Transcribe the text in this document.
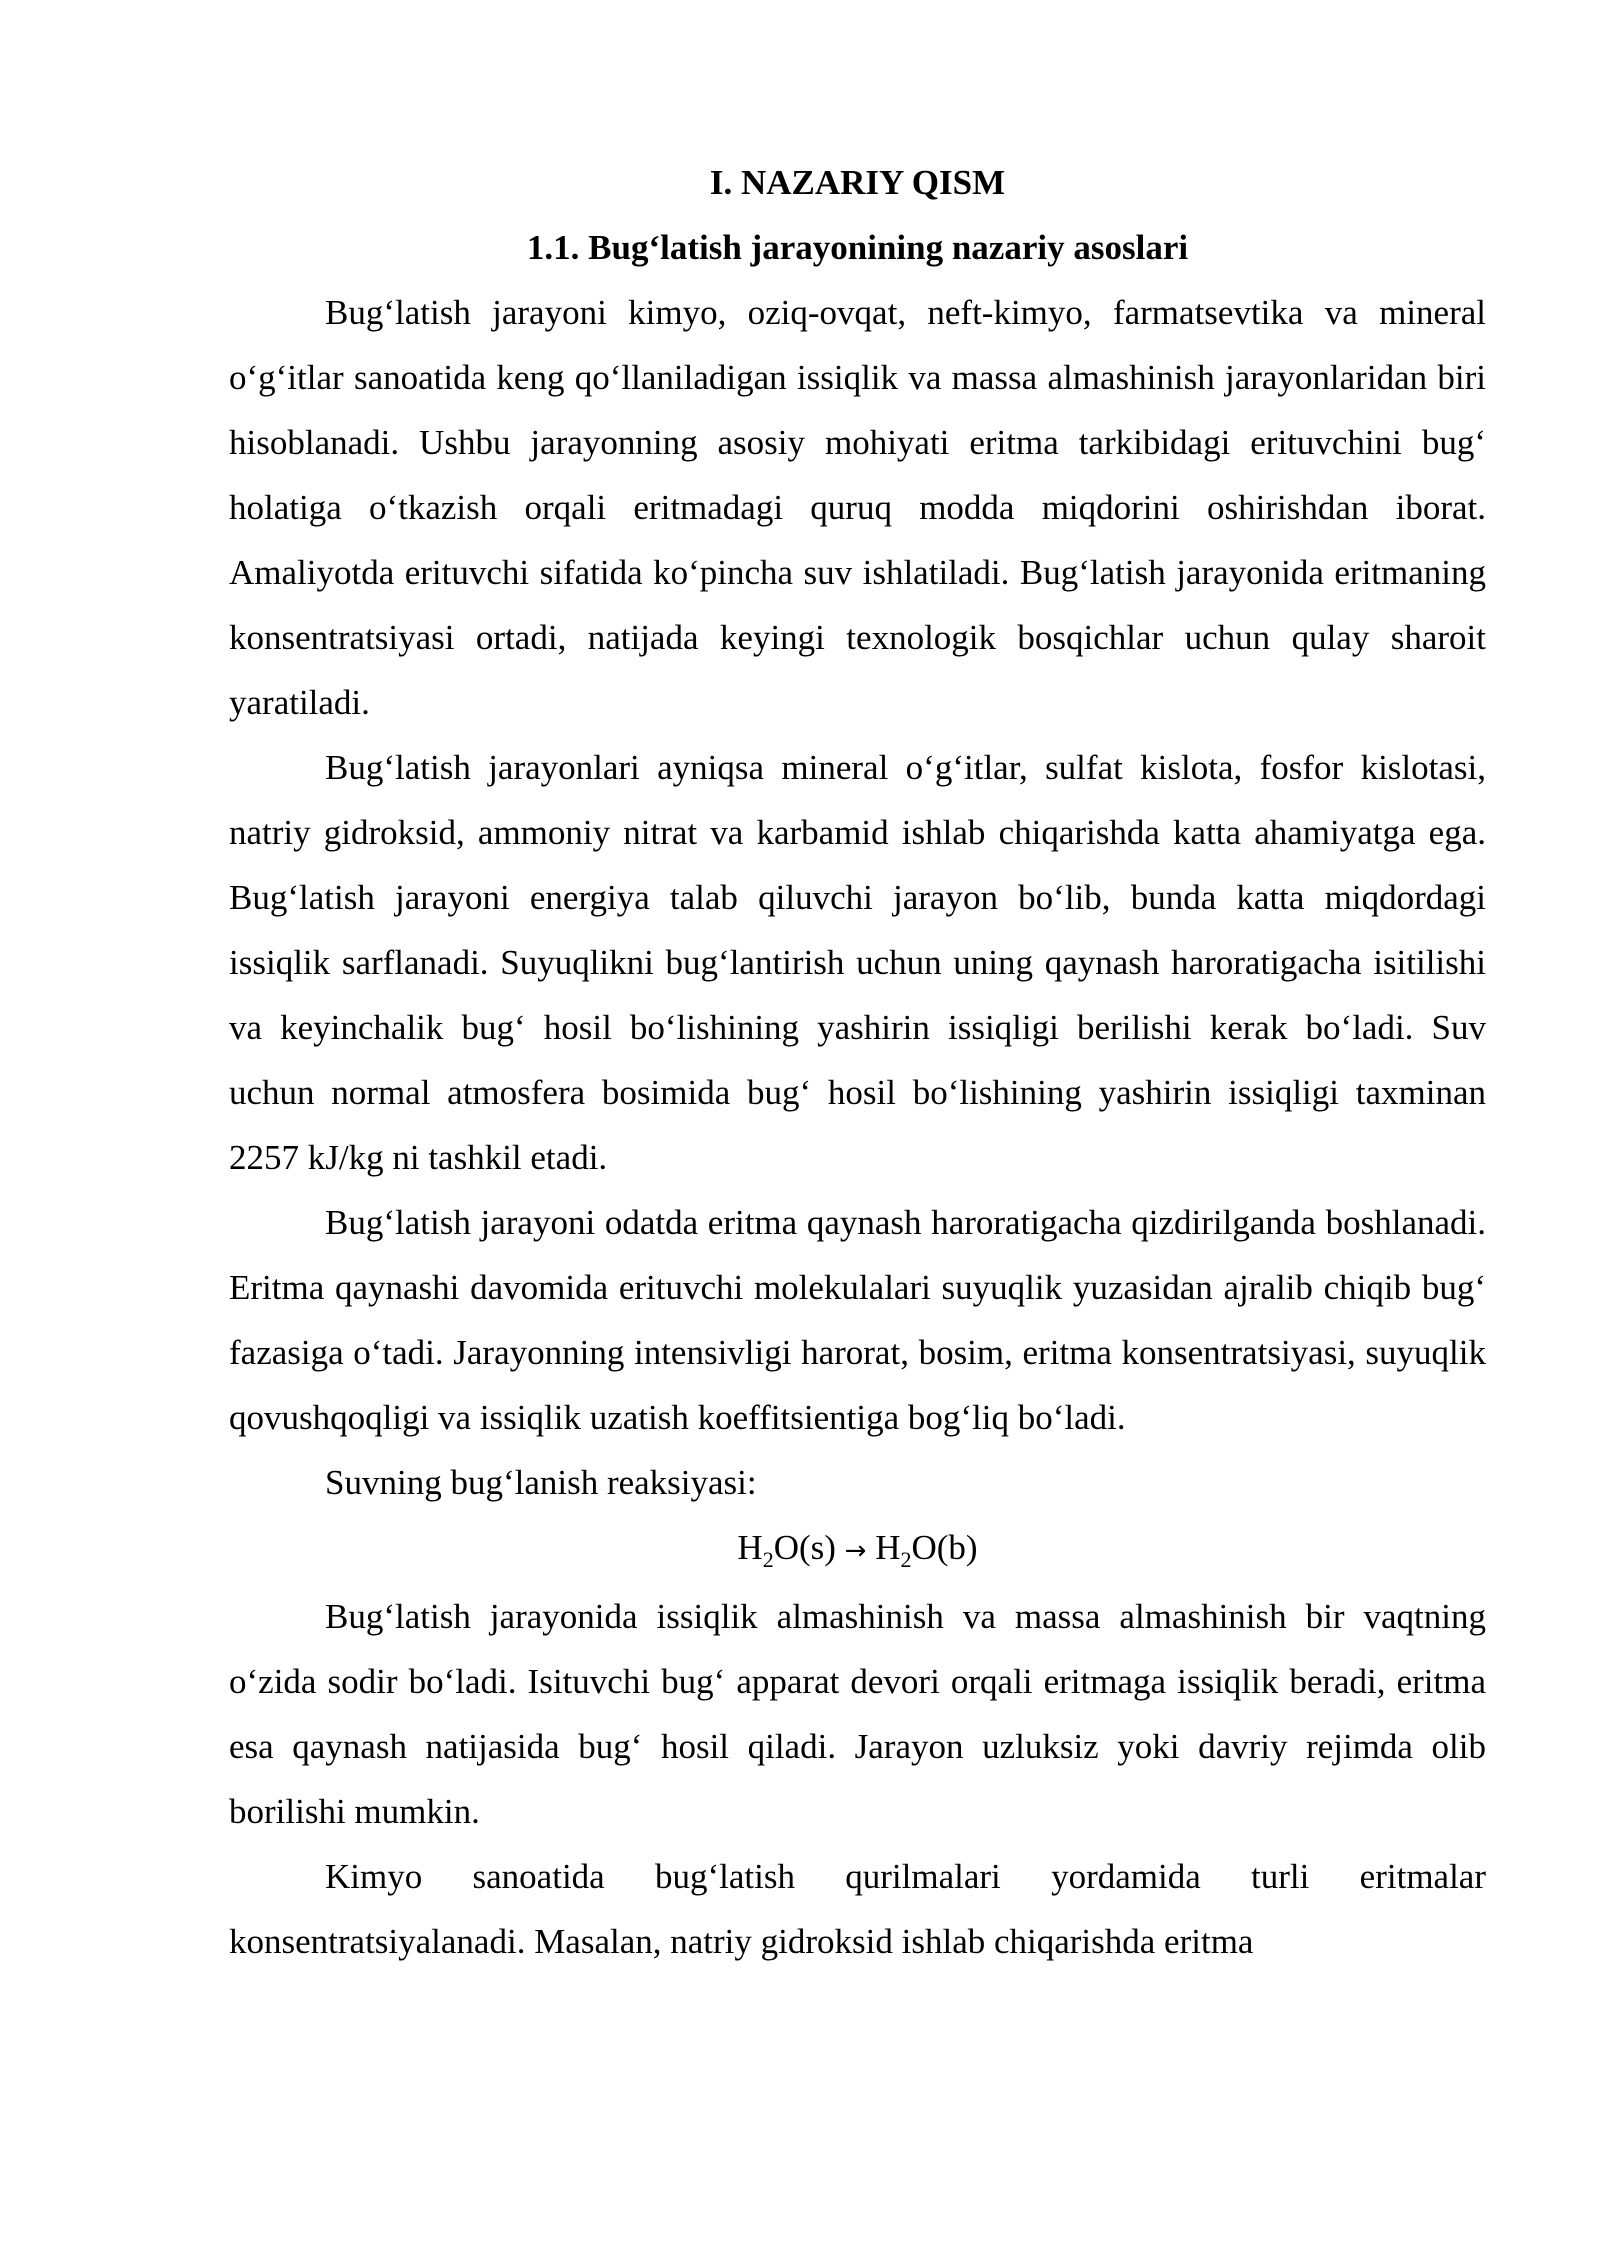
I. NAZARIY QISM
1.1. Bug‘latish jarayonining nazariy asoslari

Bug‘latish jarayoni kimyo, oziq-ovqat, neft-kimyo, farmatsevtika va mineral o‘g‘itlar sanoatida keng qo‘llaniladigan issiqlik va massa almashinish jarayonlaridan biri hisoblanadi. Ushbu jarayonning asosiy mohiyati eritma tarkibidagi erituvchini bug‘ holatiga o‘tkazish orqali eritmadagi quruq modda miqdorini oshirishdan iborat. Amaliyotda erituvchi sifatida ko‘pincha suv ishlatiladi. Bug‘latish jarayonida eritmaning konsentratsiyasi ortadi, natijada keyingi texnologik bosqichlar uchun qulay sharoit yaratiladi.

Bug‘latish jarayonlari ayniqsa mineral o‘g‘itlar, sulfat kislota, fosfor kislotasi, natriy gidroksid, ammoniy nitrat va karbamid ishlab chiqarishda katta ahamiyatga ega. Bug‘latish jarayoni energiya talab qiluvchi jarayon bo‘lib, bunda katta miqdordagi issiqlik sarflanadi. Suyuqlikni bug‘lantirish uchun uning qaynash haroratigacha isitilishi va keyinchalik bug‘ hosil bo‘lishining yashirin issiqligi berilishi kerak bo‘ladi. Suv uchun normal atmosfera bosimida bug‘ hosil bo‘lishining yashirin issiqligi taxminan 2257 kJ/kg ni tashkil etadi.

Bug‘latish jarayoni odatda eritma qaynash haroratigacha qizdirilganda boshlanadi. Eritma qaynashi davomida erituvchi molekulalari suyuqlik yuzasidan ajralib chiqib bug‘ fazasiga o‘tadi. Jarayonning intensivligi harorat, bosim, eritma konsentratsiyasi, suyuqlik qovushqoqligi va issiqlik uzatish koeffitsientiga bog‘liq bo‘ladi.

Suvning bug‘lanish reaksiyasi:

$H_2O(s) \to H_2O(b)$

Bug‘latish jarayonida issiqlik almashinish va massa almashinish bir vaqtning o‘zida sodir bo‘ladi. Isituvchi bug‘ apparat devori orqali eritmaga issiqlik beradi, eritma esa qaynash natijasida bug‘ hosil qiladi. Jarayon uzluksiz yoki davriy rejimda olib borilishi mumkin.

Kimyo sanoatida bug‘latish qurilmalari yordamida turli eritmalar konsentratsiyalanadi. Masalan, natriy gidroksid ishlab chiqarishda eritma
